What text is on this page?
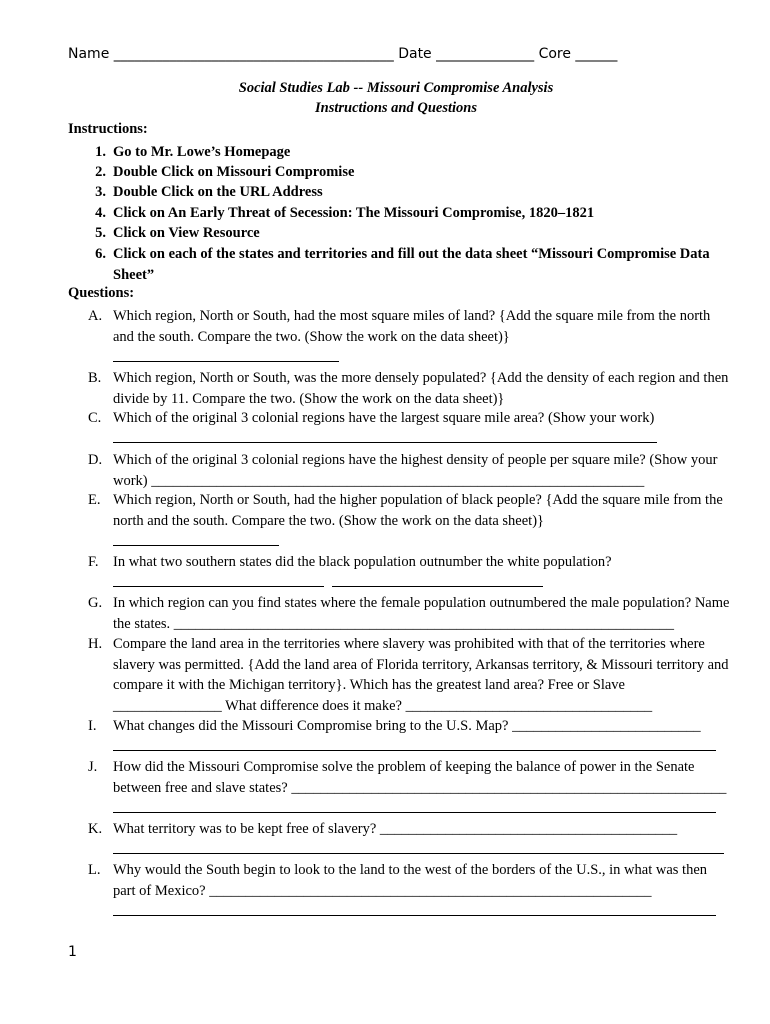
Name ________________________________________ Date ______________ Core ______
Social Studies Lab -- Missouri Compromise Analysis
Instructions and Questions
Instructions:
1. Go to Mr. Lowe’s Homepage
2. Double Click on Missouri Compromise
3. Double Click on the URL Address
4. Click on An Early Threat of Secession: The Missouri Compromise, 1820–1821
5. Click on View Resource
6. Click on each of the states and territories and fill out the data sheet “Missouri Compromise Data Sheet”
Questions:
A. Which region, North or South, had the most square miles of land? {Add the square mile from the north and the south. Compare the two. (Show the work on the data sheet)}
B. Which region, North or South, was the more densely populated? {Add the density of each region and then divide by 11. Compare the two. (Show the work on the data sheet)}
C. Which of the original 3 colonial regions have the largest square mile area? (Show your work)
D. Which of the original 3 colonial regions have the highest density of people per square mile? (Show your work) ____________________________________________________________________
E. Which region, North or South, had the higher population of black people? {Add the square mile from the north and the south. Compare the two. (Show the work on the data sheet)}
F. In what two southern states did the black population outnumber the white population?
G. In which region can you find states where the female population outnumbered the male population? Name the states. _____________________________________________________________________
H. Compare the land area in the territories where slavery was prohibited with that of the territories where slavery was permitted. {Add the land area of Florida territory, Arkansas territory, & Missouri territory and compare it with the Michigan territory}. Which has the greatest land area? Free or Slave _______________ What difference does it make? __________________________________
I. What changes did the Missouri Compromise bring to the U.S. Map? __________________________
J. How did the Missouri Compromise solve the problem of keeping the balance of power in the Senate between free and slave states? ____________________________________________________________
K. What territory was to be kept free of slavery? _________________________________________
L. Why would the South begin to look to the land to the west of the borders of the U.S., in what was then part of Mexico? _____________________________________________________________
1
